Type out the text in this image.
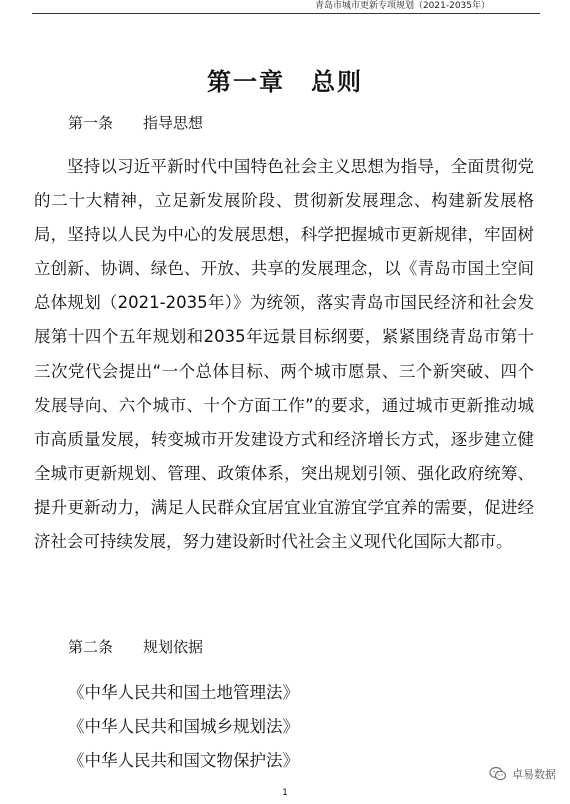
青岛市城市更新专项规划（2021-2035年）
第一章　总则
第一条　　指导思想

坚持以习近平新时代中国特色社会主义思想为指导，全面贯彻党的二十大精神，立足新发展阶段、贯彻新发展理念、构建新发展格局，坚持以人民为中心的发展思想，科学把握城市更新规律，牢固树立创新、协调、绿色、开放、共享的发展理念，以《青岛市国土空间总体规划（2021-2035年）》为统领，落实青岛市国民经济和社会发展第十四个五年规划和2035年远景目标纲要，紧紧围绕青岛市第十三次党代会提出“一个总体目标、两个城市愿景、三个新突破、四个发展导向、六个城市、十个方面工作”的要求，通过城市更新推动城市高质量发展，转变城市开发建设方式和经济增长方式，逐步建立健全城市更新规划、管理、政策体系，突出规划引领、强化政府统筹、提升更新动力，满足人民群众宜居宜业宜游宜学宜养的需要，促进经济社会可持续发展，努力建设新时代社会主义现代化国际大都市。

第二条　　规划依据
《中华人民共和国土地管理法》
《中华人民共和国城乡规划法》
《中华人民共和国文物保护法》
1
卓易数据
